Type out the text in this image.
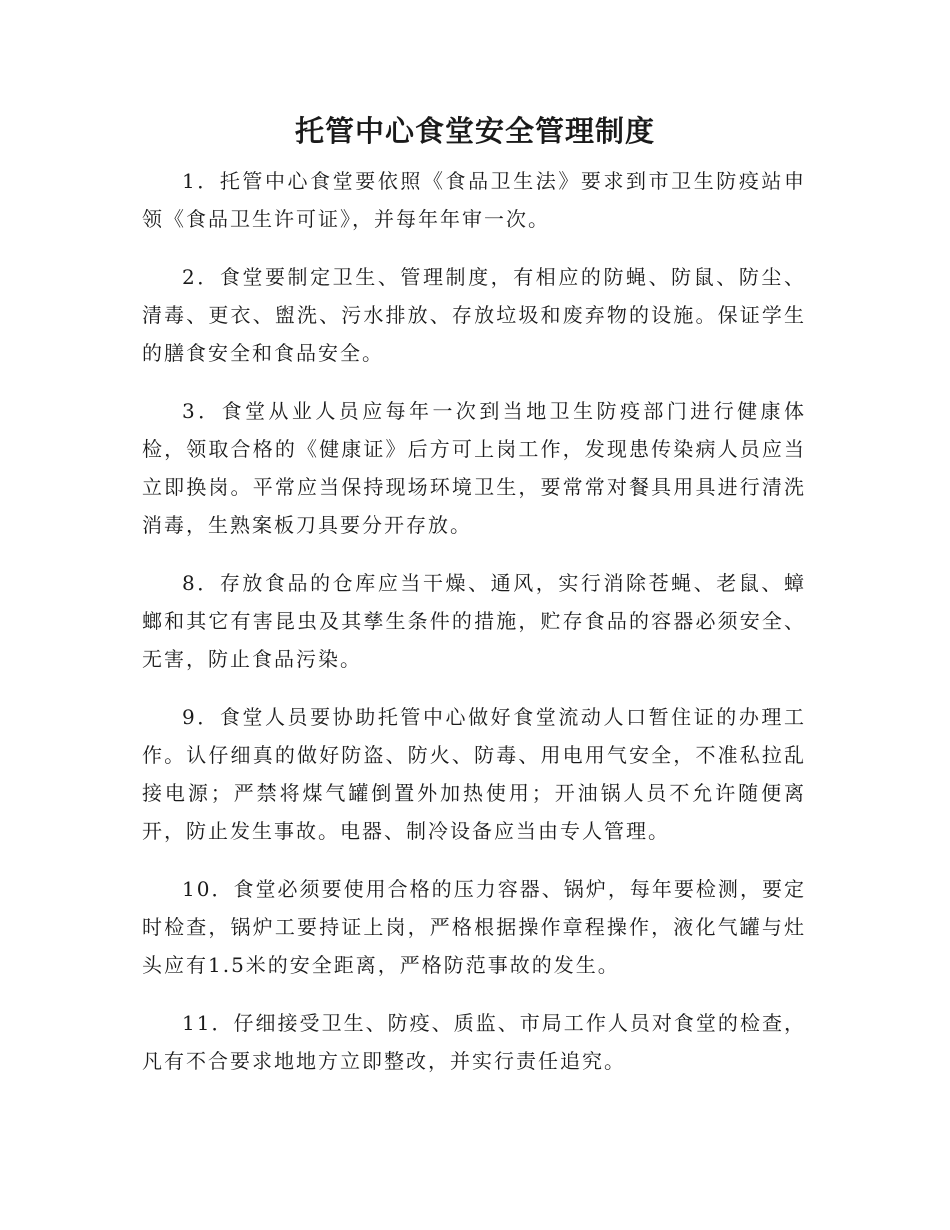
托管中心食堂安全管理制度

1．托管中心食堂要依照《食品卫生法》要求到市卫生防疫站申领《食品卫生许可证》，并每年年审一次。

2．食堂要制定卫生、管理制度，有相应的防蝇、防鼠、防尘、清毒、更衣、盥洗、污水排放、存放垃圾和废弃物的设施。保证学生的膳食安全和食品安全。

3．食堂从业人员应每年一次到当地卫生防疫部门进行健康体检，领取合格的《健康证》后方可上岗工作，发现患传染病人员应当立即换岗。平常应当保持现场环境卫生，要常常对餐具用具进行清洗消毒，生熟案板刀具要分开存放。

8．存放食品的仓库应当干燥、通风，实行消除苍蝇、老鼠、蟑螂和其它有害昆虫及其孳生条件的措施，贮存食品的容器必须安全、无害，防止食品污染。

9．食堂人员要协助托管中心做好食堂流动人口暂住证的办理工作。认仔细真的做好防盗、防火、防毒、用电用气安全，不准私拉乱接电源；严禁将煤气罐倒置外加热使用；开油锅人员不允许随便离开，防止发生事故。电器、制冷设备应当由专人管理。

10．食堂必须要使用合格的压力容器、锅炉，每年要检测，要定时检查，锅炉工要持证上岗，严格根据操作章程操作，液化气罐与灶头应有1.5米的安全距离，严格防范事故的发生。

11．仔细接受卫生、防疫、质监、市局工作人员对食堂的检查，凡有不合要求地地方立即整改，并实行责任追究。
